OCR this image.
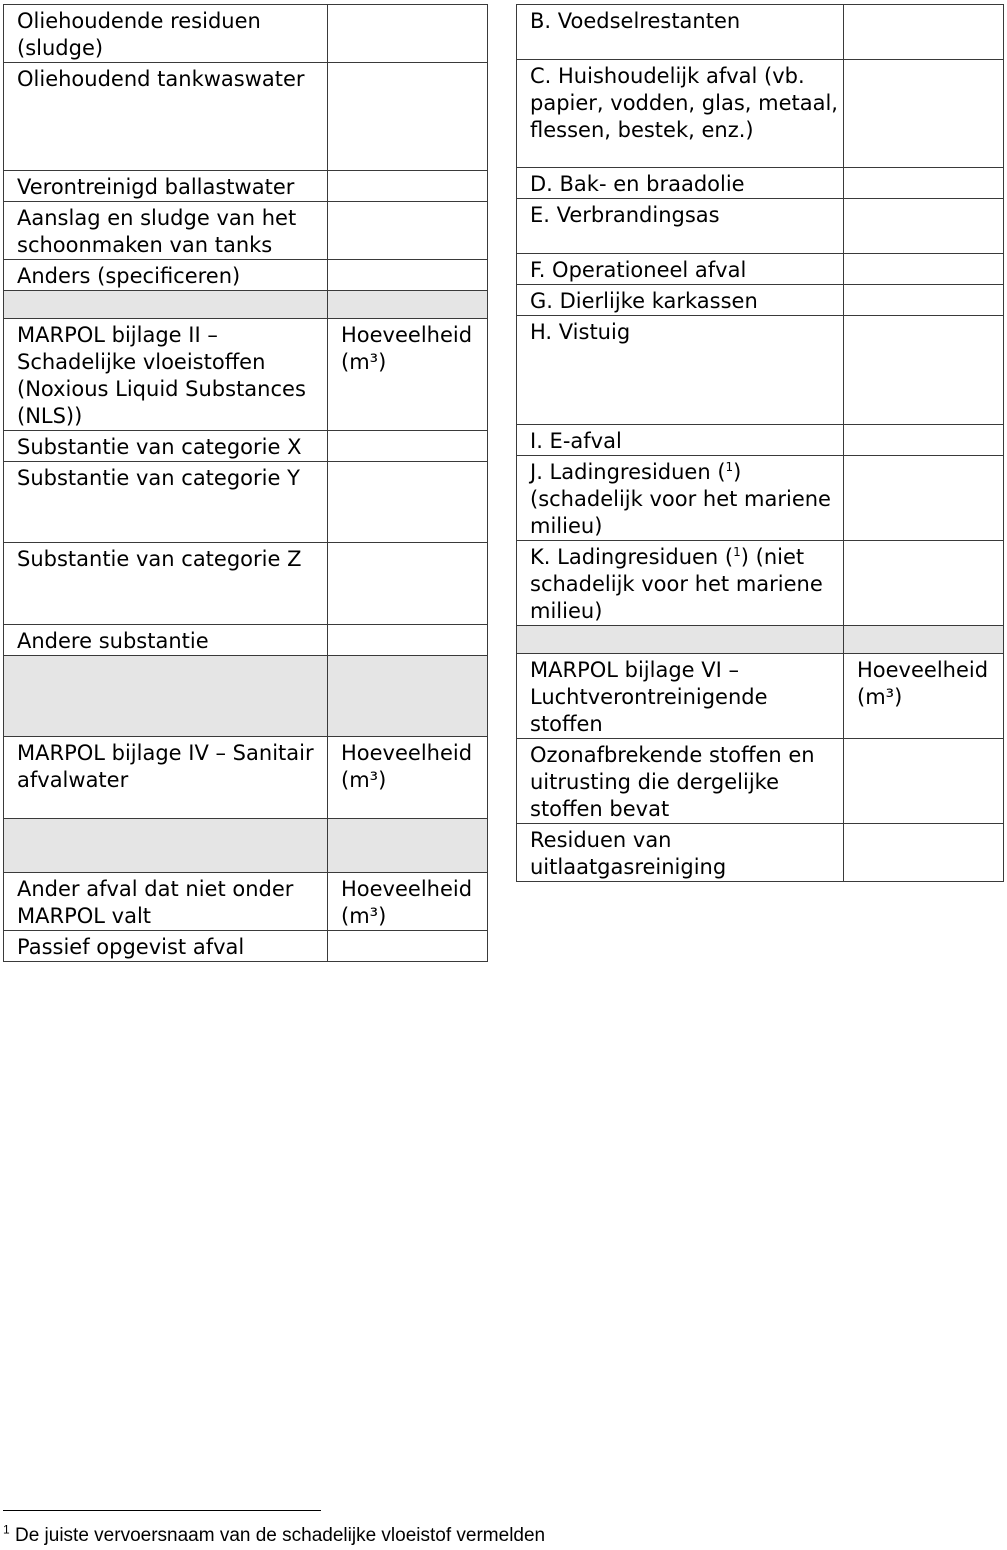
Oliehoudende residuen (sludge)	
Oliehoudend tankwaswater	
Verontreinigd ballastwater	
Aanslag en sludge van het schoonmaken van tanks	
Anders (specificeren)	

MARPOL bijlage II – Schadelijke vloeistoffen (Noxious Liquid Substances (NLS))	Hoeveelheid (m³)
Substantie van categorie X	
Substantie van categorie Y	
Substantie van categorie Z	
Andere substantie	

MARPOL bijlage IV – Sanitair afvalwater	Hoeveelheid (m³)

Ander afval dat niet onder MARPOL valt	Hoeveelheid (m³)
Passief opgevist afval	
B. Voedselrestanten	
C. Huishoudelijk afval (vb. papier, vodden, glas, metaal, flessen, bestek, enz.)	
D. Bak- en braadolie	
E. Verbrandingsas	
F. Operationeel afval	
G. Dierlijke karkassen	
H. Vistuig	
I. E-afval	
J. Ladingresiduen ($^1$) (schadelijk voor het mariene milieu)	
K. Ladingresiduen ($^1$) (niet schadelijk voor het mariene milieu)	

MARPOL bijlage VI – Luchtverontreinigende stoffen	Hoeveelheid (m³)
Ozonafbrekende stoffen en uitrusting die dergelijke stoffen bevat	
Residuen van uitlaatgasreiniging	
$^1$ De juiste vervoersnaam van de schadelijke vloeistof vermelden
